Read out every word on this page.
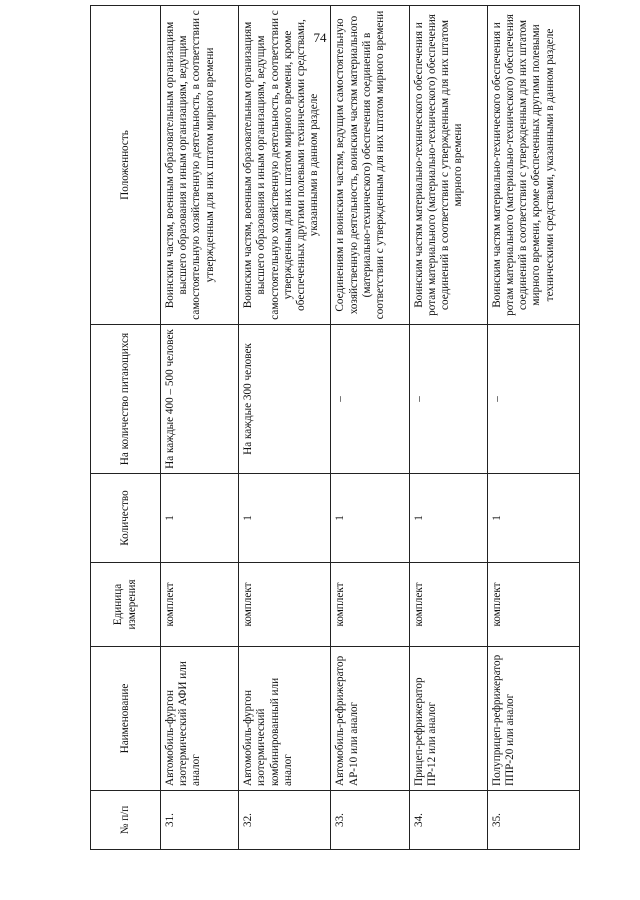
74
№ п/п	Наименование	Единица измерения	Количество	На количество питающихся	Положенность
31.	Автомобиль-фургон изотермический АФИ или аналог	комплект	1	На каждые 400 – 500 человек	Воинским частям, военным образовательным организациям высшего образования и иным организациям, ведущим самостоятельную хозяйственную деятельность, в соответствии с утвержденным для них штатом мирного времени
32.	Автомобиль-фургон изотермический комбинированный или аналог	комплект	1	На каждые 300 человек	Воинским частям, военным образовательным организациям высшего образования и иным организациям, ведущим самостоятельную хозяйственную деятельность, в соответствии с утвержденным для них штатом мирного времени, кроме обеспеченных другими полевыми техническими средствами, указанными в данном разделе
33.	Автомобиль-рефрижератор АР-10 или аналог	комплект	1	–	Соединениям и воинским частям, ведущим самостоятельную хозяйственную деятельность, воинским частям материального (материально-технического) обеспечения соединений в соответствии с утвержденным для них штатом мирного времени
34.	Прицеп-рефрижератор ПР-12 или аналог	комплект	1	–	Воинским частям материально-технического обеспечения и ротам материального (материально-технического) обеспечения соединений в соответствии с утвержденным для них штатом мирного времени
35.	Полуприцеп-рефрижератор ППР-20 или аналог	комплект	1	–	Воинским частям материально-технического обеспечения и ротам материального (материально-технического) обеспечения соединений в соответствии с утвержденным для них штатом мирного времени, кроме обеспеченных другими полевыми техническими средствами, указанными в данном разделе
